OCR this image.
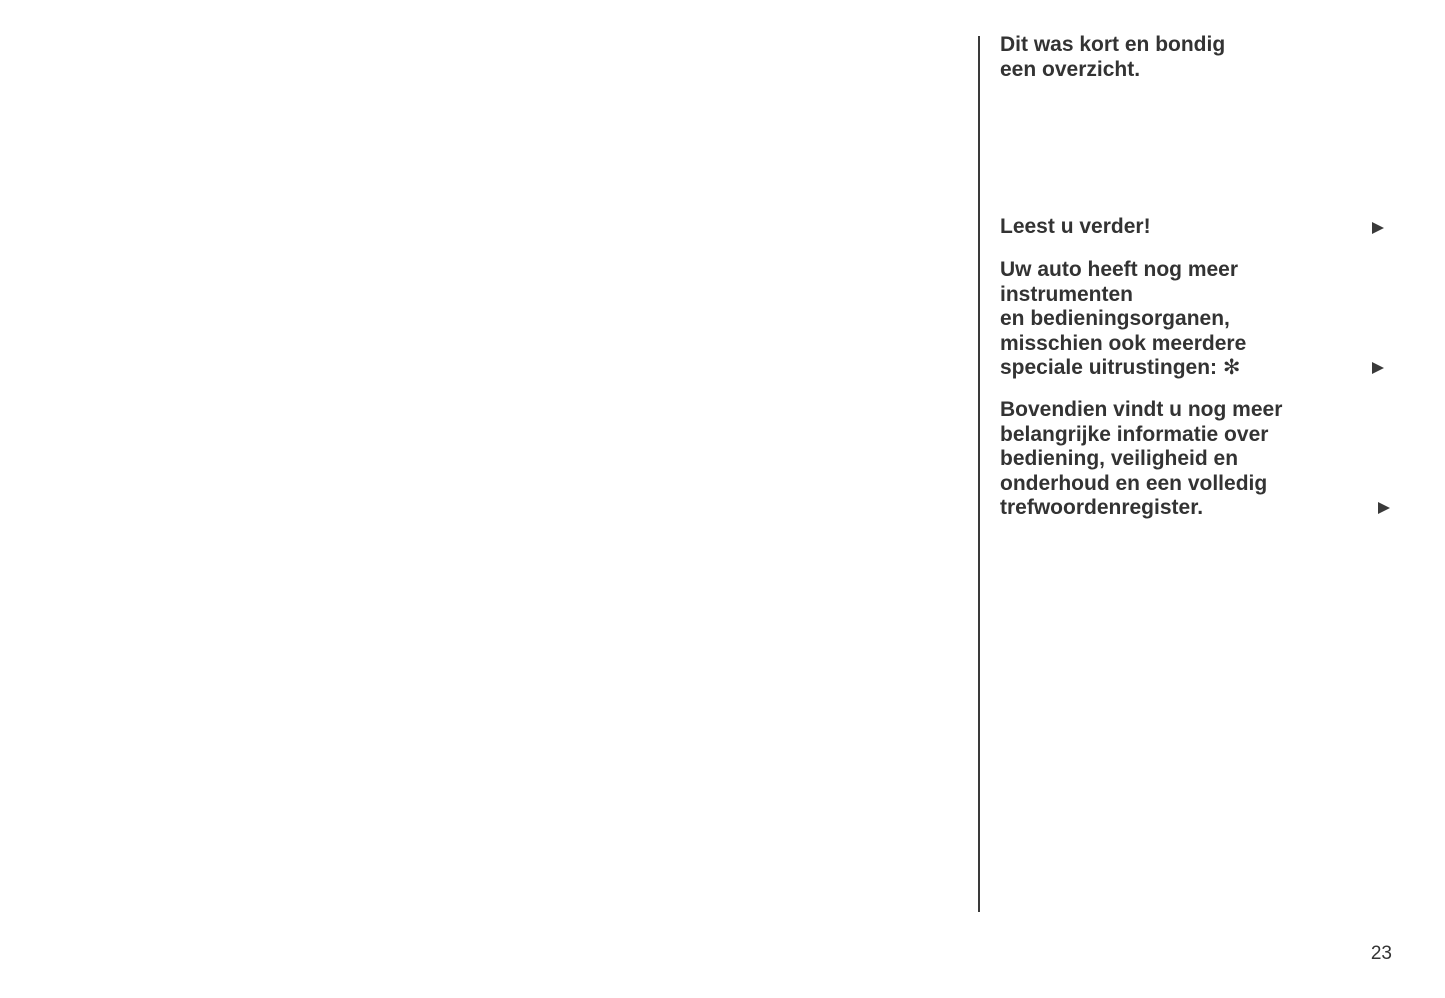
Dit was kort en bondig
een overzicht.

Leest u verder!

Uw auto heeft nog meer
instrumenten
en bedieningsorganen,
misschien ook meerdere
speciale uitrustingen: ✻

Bovendien vindt u nog meer
belangrijke informatie over
bediening, veiligheid en
onderhoud en een volledig
trefwoordenregister.

23
